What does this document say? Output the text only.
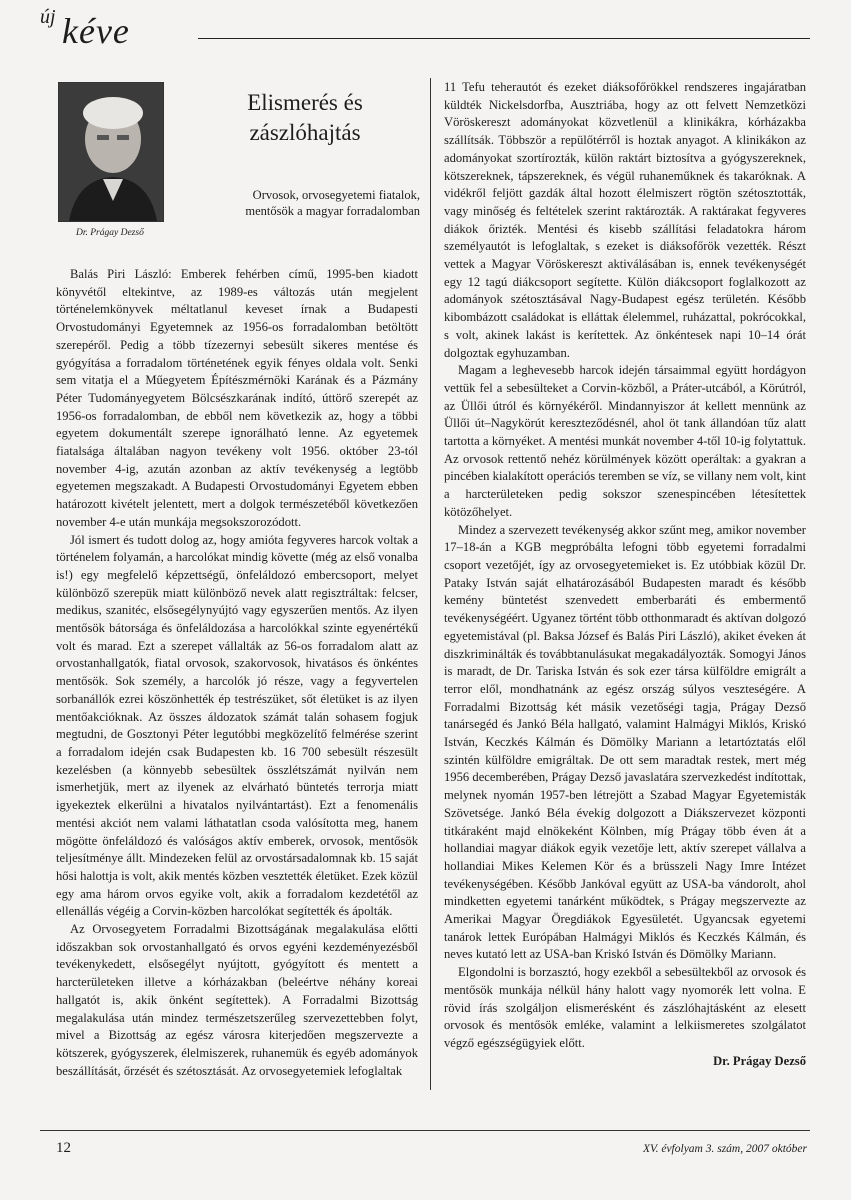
új kéve
Dr. Prágay Dezső
Elismerés és
zászlóhajtás
Orvosok, orvosegyetemi fiatalok,
mentősök a magyar forradalomban

Balás Piri László: Emberek fehérben című, 1995-ben kiadott könyvétől eltekintve, az 1989-es változás után megjelent történelemkönyvek méltatlanul keveset írnak a Budapesti Orvostudományi Egyetemnek az 1956-os forradalomban betöltött szerepéről. Pedig a több tízezernyi sebesült sikeres mentése és gyógyítása a forradalom történetének egyik fényes oldala volt. Senki sem vitatja el a Műegyetem Építészmérnöki Karának és a Pázmány Péter Tudományegyetem Bölcsészkarának indító, úttörő szerepét az 1956-os forradalomban, de ebből nem következik az, hogy a többi egyetem dokumentált szerepe ignorálható lenne. Az egyetemek fiatalsága általában nagyon tevékeny volt 1956. október 23-tól november 4-ig, azután azonban az aktív tevékenység a legtöbb egyetemen megszakadt. A Budapesti Orvostudományi Egyetem ebben határozott kivételt jelentett, mert a dolgok természetéből következően november 4-e után munkája megsokszorozódott.

Jól ismert és tudott dolog az, hogy amióta fegyveres harcok voltak a történelem folyamán, a harcolókat mindig követte (még az első vonalba is!) egy megfelelő képzettségű, önfeláldozó embercsoport, melyet különböző szerepük miatt különböző nevek alatt regisztráltak: felcser, medikus, szanitéc, elsősegélynyújtó vagy egyszerűen mentős. Az ilyen mentősök bátorsága és önfeláldozása a harcolókkal szinte egyenértékű volt és marad. Ezt a szerepet vállalták az 56-os forradalom alatt az orvostanhallgatók, fiatal orvosok, szakorvosok, hivatásos és önkéntes mentősök. Sok személy, a harcolók jó része, vagy a fegyvertelen sorbanállók ezrei köszönhették ép testrészüket, sőt életüket is az ilyen mentőakcióknak. Az összes áldozatok számát talán sohasem fogjuk megtudni, de Gosztonyi Péter legutóbbi megközelítő felmérése szerint a forradalom idején csak Budapesten kb. 16 700 sebesült részesült kezelésben (a könnyebb sebesültek összlétszámát nyilván nem ismerhetjük, mert az ilyenek az elvárható büntetés terrorja miatt igyekeztek elkerülni a hivatalos nyilvántartást). Ezt a fenomenális mentési akciót nem valami láthatatlan csoda valósította meg, hanem mögötte önfeláldozó és valóságos aktív emberek, orvosok, mentősök teljesítménye állt. Mindezeken felül az orvostársadalomnak kb. 15 saját hősi halottja is volt, akik mentés közben vesztették életüket. Ezek közül egy ama három orvos egyike volt, akik a forradalom kezdetétől az ellenállás végéig a Corvin-közben harcolókat segítették és ápolták.

Az Orvosegyetem Forradalmi Bizottságának megalakulása előtti időszakban sok orvostanhallgató és orvos egyéni kezdeményezésből tevékenykedett, elsősegélyt nyújtott, gyógyított és mentett a harcterületeken illetve a kórházakban (beleértve néhány koreai hallgatót is, akik önként segítettek). A Forradalmi Bizottság megalakulása után mindez természetszerűleg szervezettebben folyt, mivel a Bizottság az egész városra kiterjedően megszervezte a kötszerek, gyógyszerek, élelmiszerek, ruhanemük és egyéb adományok beszállítását, őrzését és szétosztását. Az orvosegyetemiek lefoglaltak

11 Tefu teherautót és ezeket diáksofőrökkel rendszeres ingajáratban küldték Nickelsdorfba, Ausztriába, hogy az ott felvett Nemzetközi Vöröskereszt adományokat közvetlenül a klinikákra, kórházakba szállítsák. Többször a repülőtérről is hoztak anyagot. A klinikákon az adományokat szortírozták, külön raktárt biztosítva a gyógyszereknek, kötszereknek, tápszereknek, és végül ruhaneműknek és takaróknak. A vidékről feljött gazdák által hozott élelmiszert rögtön szétosztották, vagy minőség és feltételek szerint raktározták. A raktárakat fegyveres diákok őrizték. Mentési és kisebb szállítási feladatokra három személyautót is lefoglaltak, s ezeket is diáksofőrök vezették. Részt vettek a Magyar Vöröskereszt aktiválásában is, ennek tevékenységét egy 12 tagú diákcsoport segítette. Külön diákcsoport foglalkozott az adományok szétosztásával Nagy-Budapest egész területén. Később kibombázott családokat is elláttak élelemmel, ruházattal, pokrócokkal, s volt, akinek lakást is kerítettek. Az önkéntesek napi 10–14 órát dolgoztak egyhuzamban.

Magam a leghevesebb harcok idején társaimmal együtt hordágyon vettük fel a sebesülteket a Corvin-közből, a Práter-utcából, a Körútról, az Üllői útról és környékéről. Mindannyiszor át kellett mennünk az Üllői út–Nagykörút kereszteződésnél, ahol öt tank állandóan tűz alatt tartotta a környéket. A mentési munkát november 4-től 10-ig folytattuk. Az orvosok rettentő nehéz körülmények között operáltak: a gyakran a pincében kialakított operációs teremben se víz, se villany nem volt, kint a harcterületeken pedig sokszor szenespincében létesítettek kötözőhelyet.

Mindez a szervezett tevékenység akkor szűnt meg, amikor november 17–18-án a KGB megpróbálta lefogni több egyetemi forradalmi csoport vezetőjét, így az orvosegyetemieket is. Ez utóbbiak közül Dr. Pataky István saját elhatározásából Budapesten maradt és később kemény büntetést szenvedett emberbaráti és embermentő tevékenységéért. Ugyanez történt több otthonmaradt és aktívan dolgozó egyetemistával (pl. Baksa József és Balás Piri László), akiket éveken át diszkriminálták és továbbtanulásukat megakadályozták. Somogyi János is maradt, de Dr. Tariska István és sok ezer társa külföldre emigrált a terror elől, mondhatnánk az egész ország súlyos veszteségére. A Forradalmi Bizottság két másik vezetőségi tagja, Prágay Dezső tanársegéd és Jankó Béla hallgató, valamint Halmágyi Miklós, Kriskó István, Keczkés Kálmán és Dömölky Mariann a letartóztatás elől szintén külföldre emigráltak. De ott sem maradtak restek, mert még 1956 decemberében, Prágay Dezső javaslatára szervezkedést indítottak, melynek nyomán 1957-ben létrejött a Szabad Magyar Egyetemisták Szövetsége. Jankó Béla évekig dolgozott a Diákszervezet központi titkáraként majd elnökeként Kölnben, míg Prágay több éven át a hollandiai magyar diákok egyik vezetője lett, aktív szerepet vállalva a hollandiai Mikes Kelemen Kör és a brüsszeli Nagy Imre Intézet tevékenységében. Később Jankóval együtt az USA-ba vándorolt, ahol mindketten egyetemi tanárként működtek, s Prágay megszervezte az Amerikai Magyar Öregdiákok Egyesületét. Ugyancsak egyetemi tanárok lettek Európában Halmágyi Miklós és Keczkés Kálmán, és neves kutató lett az USA-ban Kriskó István és Dömölky Mariann.

Elgondolni is borzasztó, hogy ezekből a sebesültekből az orvosok és mentősök munkája nélkül hány halott vagy nyomorék lett volna. E rövid írás szolgáljon elismerésként és zászlóhajtásként az elesett orvosok és mentősök emléke, valamint a lelkiismeretes szolgálatot végző egészségügyiek előtt.

Dr. Prágay Dezső

12	XV. évfolyam 3. szám, 2007 október
